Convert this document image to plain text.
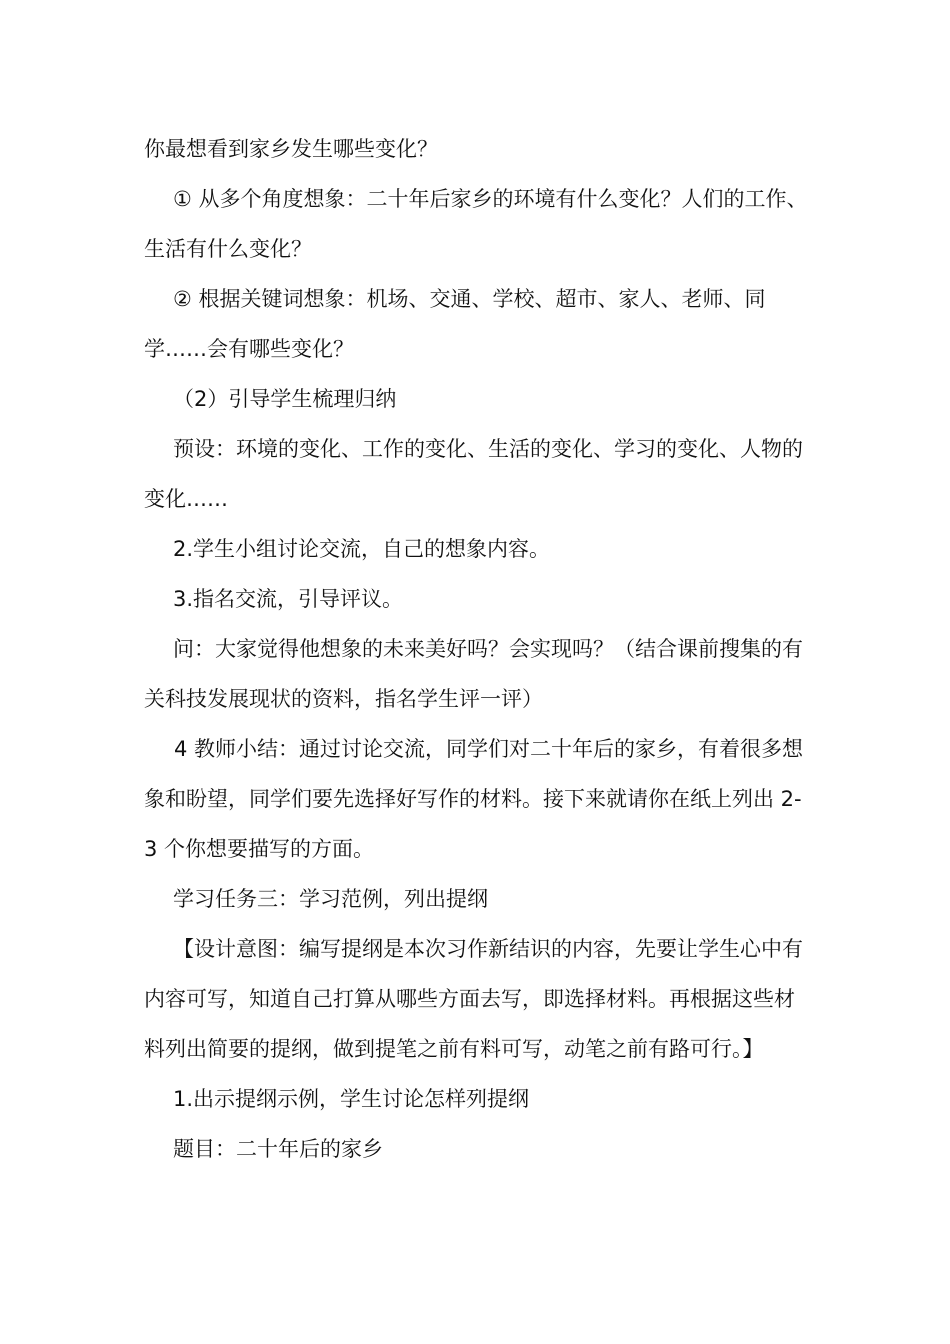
你最想看到家乡发生哪些变化？

① 从多个角度想象：二十年后家乡的环境有什么变化？人们的工作、生活有什么变化？

② 根据关键词想象：机场、交通、学校、超市、家人、老师、同学……会有哪些变化？

（2）引导学生梳理归纳

预设：环境的变化、工作的变化、生活的变化、学习的变化、人物的变化……

2.学生小组讨论交流，自己的想象内容。

3.指名交流，引导评议。

问：大家觉得他想象的未来美好吗？会实现吗？（结合课前搜集的有关科技发展现状的资料，指名学生评一评）

4 教师小结：通过讨论交流，同学们对二十年后的家乡，有着很多想象和盼望，同学们要先选择好写作的材料。接下来就请你在纸上列出 2-3 个你想要描写的方面。

学习任务三：学习范例，列出提纲

【设计意图：编写提纲是本次习作新结识的内容，先要让学生心中有内容可写，知道自己打算从哪些方面去写，即选择材料。再根据这些材料列出简要的提纲，做到提笔之前有料可写，动笔之前有路可行。】

1.出示提纲示例，学生讨论怎样列提纲

题目：二十年后的家乡
